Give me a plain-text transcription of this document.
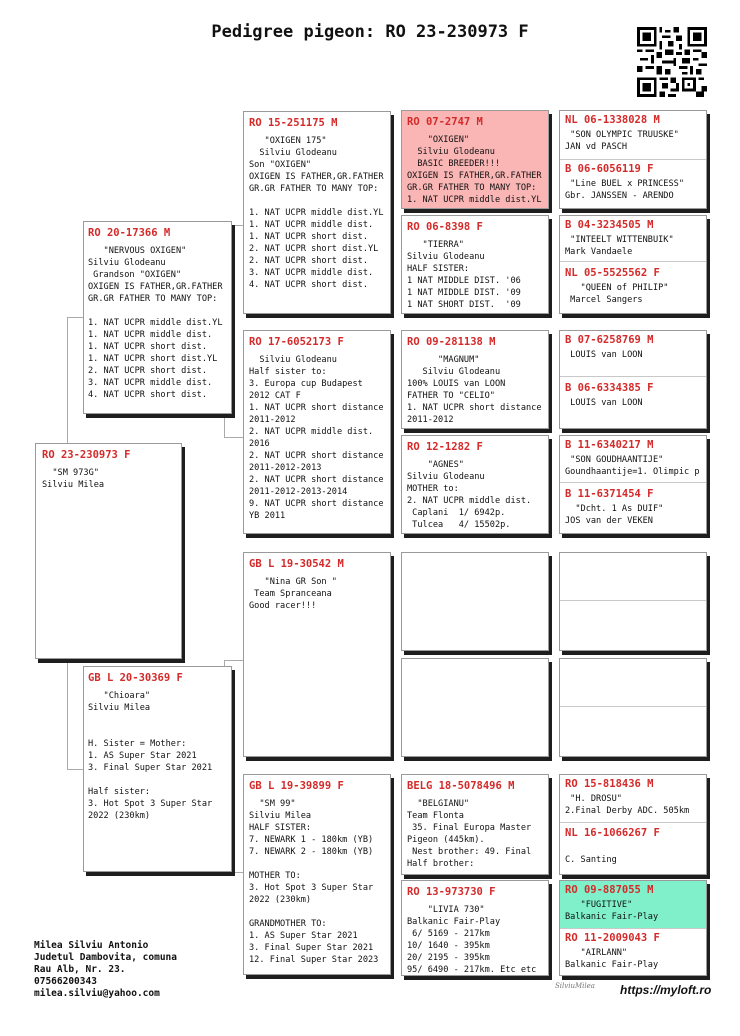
Pedigree pigeon: RO 23-230973 F
RO 23-230973 F
"SM 973G"
Silviu Milea
RO 20-17366 M
"NERVOUS OXIGEN"
Silviu Glodeanu
Grandson "OXIGEN"
OXIGEN IS FATHER,GR.FATHER
GR.GR FATHER TO MANY TOP:

1. NAT UCPR middle dist.YL
1. NAT UCPR middle dist.
1. NAT UCPR short dist.
1. NAT UCPR short dist.YL
2. NAT UCPR short dist.
3. NAT UCPR middle dist.
4. NAT UCPR short dist.
GB L 20-30369 F
"Chioara"
Silviu Milea

H. Sister = Mother:
1. AS Super Star 2021
3. Final Super Star 2021

Half sister:
3. Hot Spot 3 Super Star
2022 (230km)
RO 15-251175 M
"OXIGEN 175"
Silviu Glodeanu
Son "OXIGEN"
OXIGEN IS FATHER,GR.FATHER
GR.GR FATHER TO MANY TOP:

1. NAT UCPR middle dist.YL
1. NAT UCPR middle dist.
1. NAT UCPR short dist.
2. NAT UCPR short dist.YL
2. NAT UCPR short dist.
3. NAT UCPR middle dist.
4. NAT UCPR short dist.
RO 17-6052173 F
Silviu Glodeanu
Half sister to:
3. Europa cup Budapest
2012 CAT F
1. NAT UCPR short distance
2011-2012
2. NAT UCPR middle dist.
2016
2. NAT UCPR short distance
2011-2012-2013
2. NAT UCPR short distance
2011-2012-2013-2014
9. NAT UCPR short distance
YB 2011
GB L 19-30542 M
"Nina GR Son "
Team Spranceana
Good racer!!!
GB L 19-39899 F
"SM 99"
Silviu Milea
HALF SISTER:
7. NEWARK 1 - 180km (YB)
7. NEWARK 2 - 180km (YB)

MOTHER TO:
3. Hot Spot 3 Super Star
2022 (230km)

GRANDMOTHER TO:
1. AS Super Star 2021
3. Final Super Star 2021
12. Final Super Star 2023
RO 07-2747 M
"OXIGEN"
Silviu Glodeanu
BASIC BREEDER!!!
OXIGEN IS FATHER,GR.FATHER
GR.GR FATHER TO MANY TOP:
1. NAT UCPR middle dist.YL
RO 06-8398 F
"TIERRA"
Silviu Glodeanu
HALF SISTER:
1 NAT MIDDLE DIST. '06
1 NAT MIDDLE DIST. '09
1 NAT SHORT DIST.  '09
RO 09-281138 M
"MAGNUM"
Silviu Glodeanu
100% LOUIS van LOON
FATHER TO "CELIO"
1. NAT UCPR short distance
2011-2012
RO 12-1282 F
"AGNES"
Silviu Glodeanu
MOTHER to:
2. NAT UCPR middle dist.
Caplani  1/ 6942p.
Tulcea   4/ 15502p.
BELG 18-5078496 M
"BELGIANU"
Team Flonta
35. Final Europa Master
Pigeon (445km).
Nest brother: 49. Final
Half brother:
RO 13-973730 F
"LIVIA 730"
Balkanic Fair-Play
6/ 5169 - 217km
10/ 1640 - 395km
20/ 2195 - 395km
95/ 6490 - 217km. Etc etc
NL 06-1338028 M
"SON OLYMPIC TRUUSKE"
JAN vd PASCH
B 06-6056119 F
"Line BUEL x PRINCESS"
Gbr. JANSSEN - ARENDO
B 04-3234505 M
"INTEELT WITTENBUIK"
Mark Vandaele
NL 05-5525562 F
"QUEEN of PHILIP"
Marcel Sangers
B 07-6258769 M
LOUIS van LOON
B 06-6334385 F
LOUIS van LOON
B 11-6340217 M
"SON GOUDHAANTIJE"
Goundhaantije=1. Olimpic p
B 11-6371454 F
"Dcht. 1 As DUIF"
JOS van der VEKEN
RO 15-818436 M
"H. DROSU"
2.Final Derby ADC. 505km
NL 16-1066267 F

C. Santing
RO 09-887055 M
"FUGITIVE"
Balkanic Fair-Play
RO 11-2009043 F
"AIRLANN"
Balkanic Fair-Play
Milea Silviu Antonio
Judetul Dambovita, comuna
Rau Alb, Nr. 23.
07566200343
milea.silviu@yahoo.com
SilviuMilea https://myloft.ro
